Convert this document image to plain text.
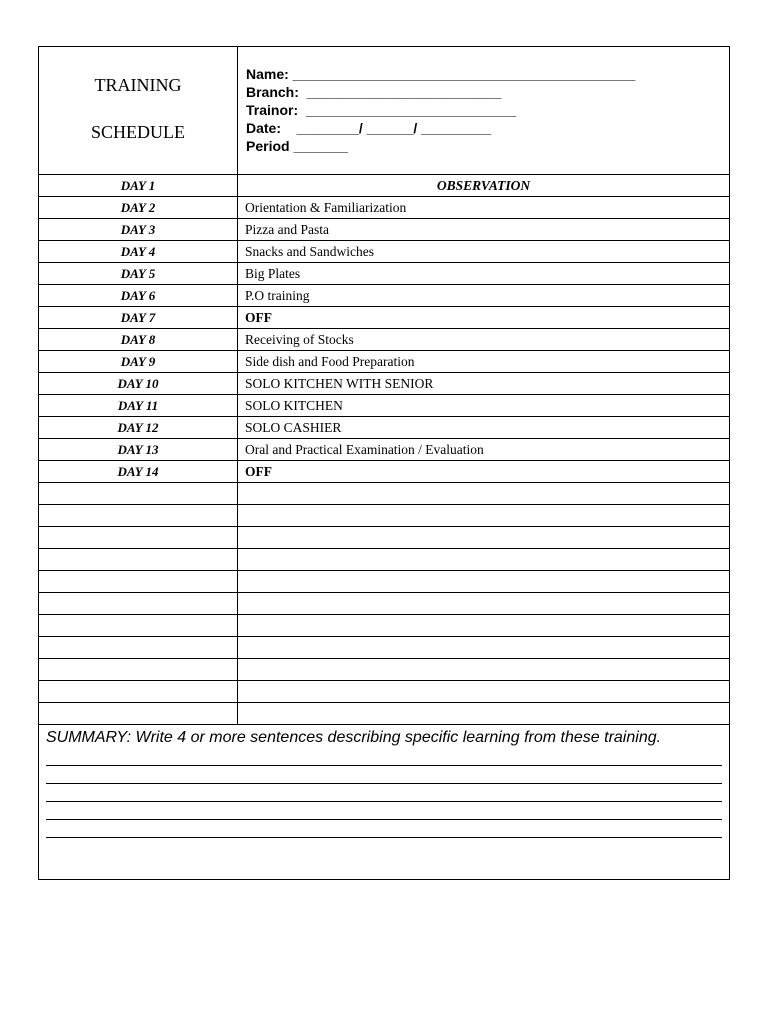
TRAINING
SCHEDULE
Name: ____________________________________________
Branch:  _________________________
Trainor:  ___________________________
Date:    ________/ ______/ _________
Period _______
DAY 1	OBSERVATION
DAY 2	Orientation & Familiarization
DAY 3	Pizza and Pasta
DAY 4	Snacks and Sandwiches
DAY 5	Big Plates
DAY 6	P.O training
DAY 7	OFF
DAY 8	Receiving of Stocks
DAY 9	Side dish and Food Preparation
DAY 10	SOLO KITCHEN WITH SENIOR
DAY 11	SOLO KITCHEN
DAY 12	SOLO CASHIER
DAY 13	Oral and Practical Examination / Evaluation
DAY 14	OFF
SUMMARY: Write 4 or more sentences describing specific learning from these training.
